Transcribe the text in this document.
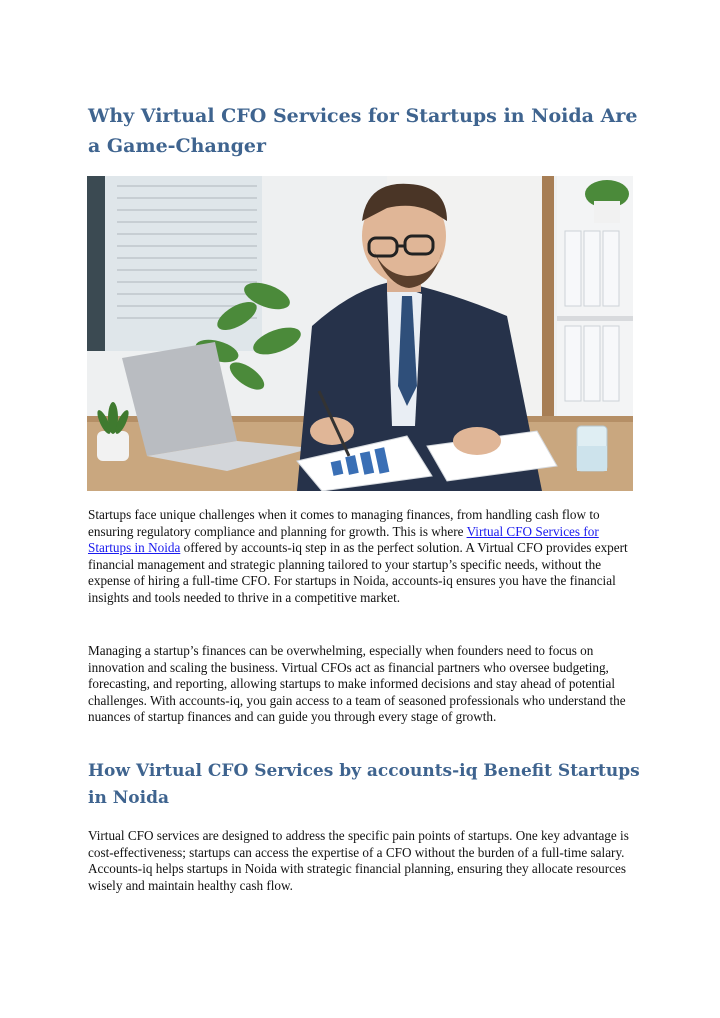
Why Virtual CFO Services for Startups in Noida Are a Game-Changer

Startups face unique challenges when it comes to managing finances, from handling cash flow to ensuring regulatory compliance and planning for growth. This is where Virtual CFO Services for Startups in Noida offered by accounts-iq step in as the perfect solution. A Virtual CFO provides expert financial management and strategic planning tailored to your startup’s specific needs, without the expense of hiring a full-time CFO. For startups in Noida, accounts-iq ensures you have the financial insights and tools needed to thrive in a competitive market.

Managing a startup’s finances can be overwhelming, especially when founders need to focus on innovation and scaling the business. Virtual CFOs act as financial partners who oversee budgeting, forecasting, and reporting, allowing startups to make informed decisions and stay ahead of potential challenges. With accounts-iq, you gain access to a team of seasoned professionals who understand the nuances of startup finances and can guide you through every stage of growth.

How Virtual CFO Services by accounts-iq Benefit Startups in Noida

Virtual CFO services are designed to address the specific pain points of startups. One key advantage is cost-effectiveness; startups can access the expertise of a CFO without the burden of a full-time salary. Accounts-iq helps startups in Noida with strategic financial planning, ensuring they allocate resources wisely and maintain healthy cash flow.
